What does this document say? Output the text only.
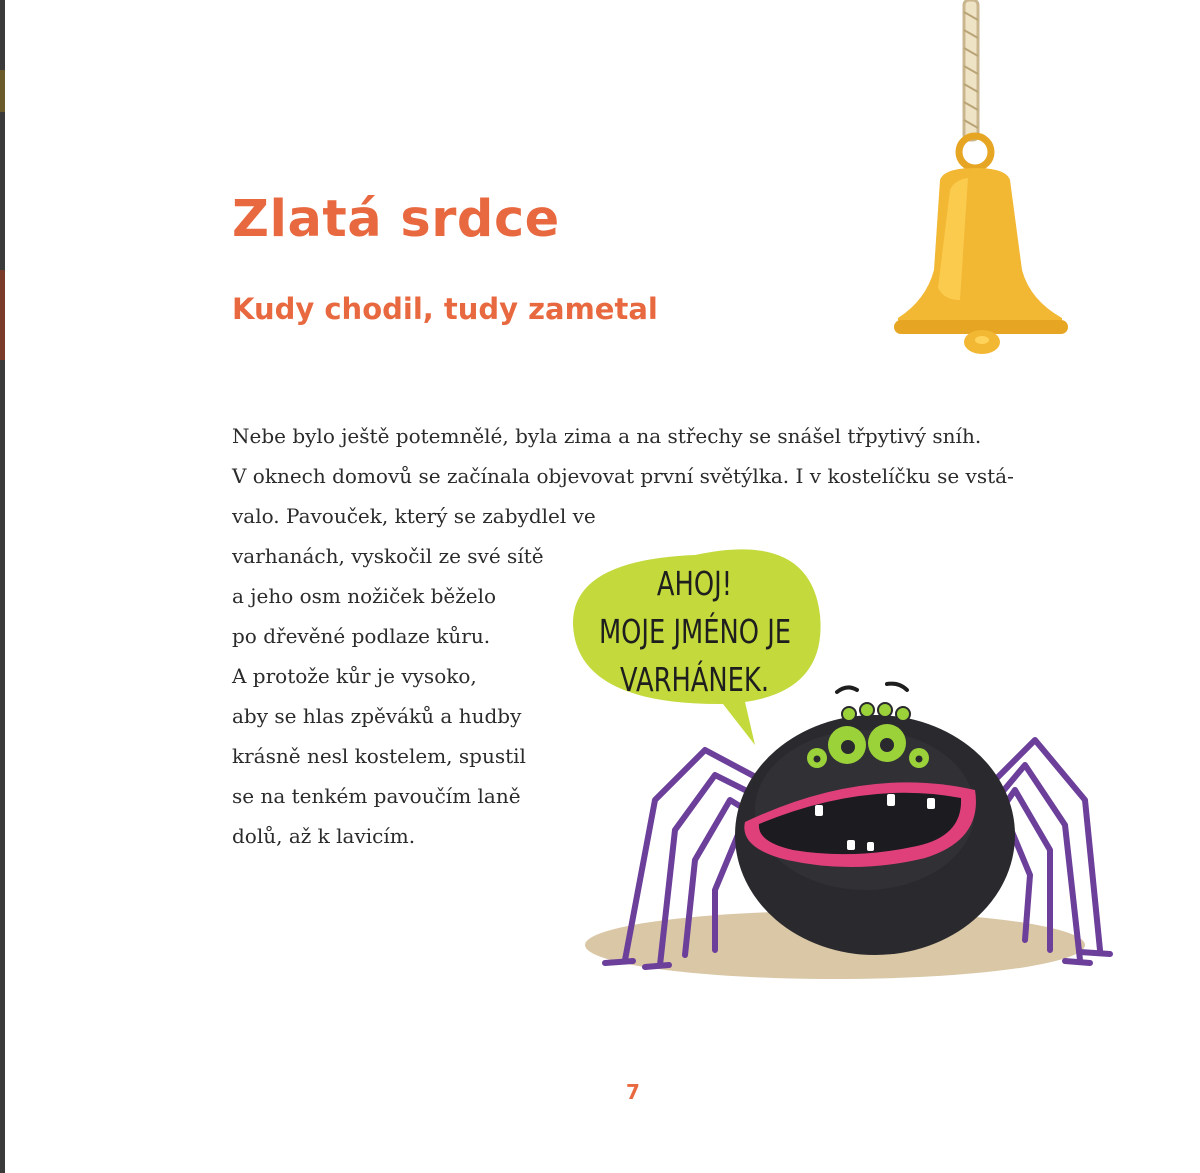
Zlatá srdce
Kudy chodil, tudy zametal

Nebe bylo ještě potemnělé, byla zima a na střechy se snášel třpytivý sníh.

V oknech domovů se začínala objevovat první světýlka. I v kostelíčku se vstá-

valo. Pavouček, který se zabydlel ve

varhanách, vyskočil ze své sítě

a jeho osm nožiček běželo

po dřevěné podlaze kůru.

A protože kůr je vysoko,

aby se hlas zpěváků a hudby

krásně nesl kostelem, spustil

se na tenkém pavoučím laně

dolů, až k lavicím.

AHOJ!
MOJE JMÉNO JE
VARHÁNEK.

7
